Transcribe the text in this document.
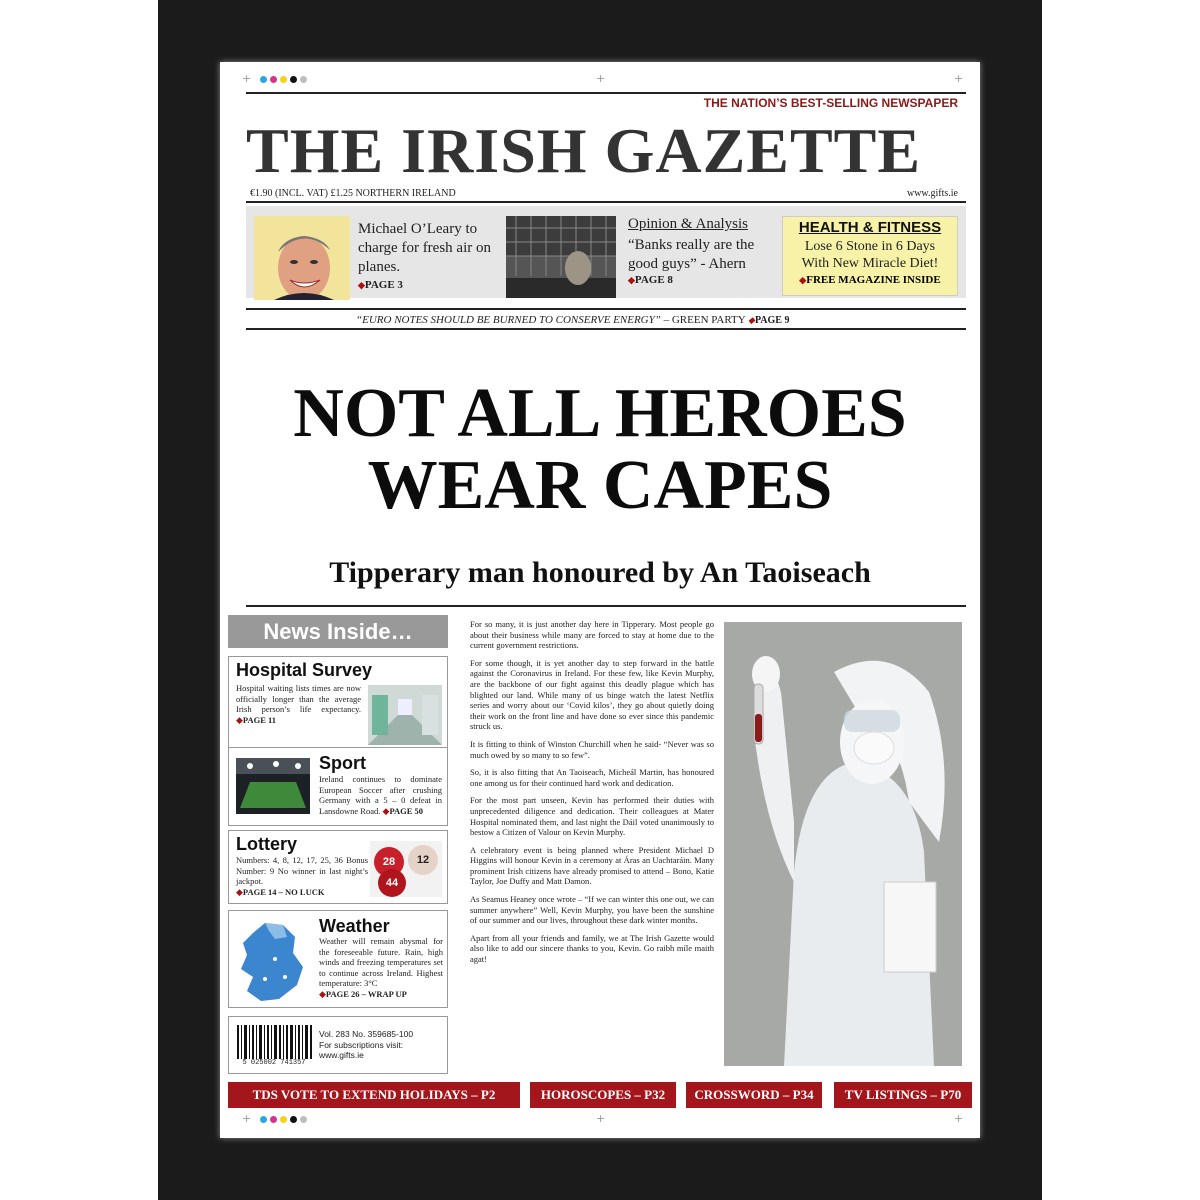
+	+	+
THE NATION’S BEST-SELLING NEWSPAPER
THE IRISH GAZETTE
€1.90 (INCL. VAT) £1.25 NORTHERN IRELAND	www.gifts.ie
Michael O’Leary to charge for fresh air on planes.
◆PAGE 3
Opinion & Analysis
“Banks really are the good guys” - Ahern
◆PAGE 8
HEALTH & FITNESS
Lose 6 Stone in 6 Days With New Miracle Diet!
◆FREE MAGAZINE INSIDE
“EURO NOTES SHOULD BE BURNED TO CONSERVE ENERGY” – GREEN PARTY ◆PAGE 9
NOT ALL HEROES
WEAR CAPES
Tipperary man honoured by An Taoiseach
News Inside…
Hospital Survey
Hospital waiting lists times are now officially longer than the average Irish person’s life expectancy. ◆PAGE 11
Sport
Ireland continues to dominate European Soccer after crushing Germany with a 5 – 0 defeat in Lansdowne Road. ◆PAGE 50
Lottery
Numbers: 4, 8, 12, 17, 25, 36 Bonus Number: 9 No winner in last night’s jackpot.
◆PAGE 14 – NO LUCK
28	12
44
Weather
Weather will remain abysmal for the foreseeable future. Rain, high winds and freezing temperatures set to continue across Ireland. Highest temperature: 3°C
◆PAGE 26 – WRAP UP
5 025002 741357
Vol. 283 No. 359685-100
For subscriptions visit:
www.gifts.ie

For so many, it is just another day here in Tipperary. Most people go about their business while many are forced to stay at home due to the current government restrictions.

For some though, it is yet another day to step forward in the battle against the Coronavirus in Ireland. For these few, like Kevin Murphy, are the backbone of our fight against this deadly plague which has blighted our land. While many of us binge watch the latest Netflix series and worry about our ‘Covid kilos’, they go about quietly doing their work on the front line and have done so ever since this pandemic struck us.

It is fitting to think of Winston Churchill when he said- “Never was so much owed by so many to so few”.

So, it is also fitting that An Taoiseach, Micheál Martin, has honoured one among us for their continued hard work and dedication.

For the most part unseen, Kevin has performed their duties with unprecedented diligence and dedication. Their colleagues at Mater Hospital nominated them, and last night the Dáil voted unanimously to bestow a Citizen of Valour on Kevin Murphy.

A celebratory event is being planned where President Michael D Higgins will honour Kevin in a ceremony at Áras an Uachtaráin. Many prominent Irish citizens have already promised to attend – Bono, Katie Taylor, Joe Duffy and Matt Damon.

As Seamus Heaney once wrote – “If we can winter this one out, we can summer anywhere” Well, Kevin Murphy, you have been the sunshine of our summer and our lives, throughout these dark winter months.

Apart from all your friends and family, we at The Irish Gazette would also like to add our sincere thanks to you, Kevin. Go raibh míle maith agat!

TDS VOTE TO EXTEND HOLIDAYS – P2	HOROSCOPES – P32	CROSSWORD – P34	TV LISTINGS – P70
+	+	+
